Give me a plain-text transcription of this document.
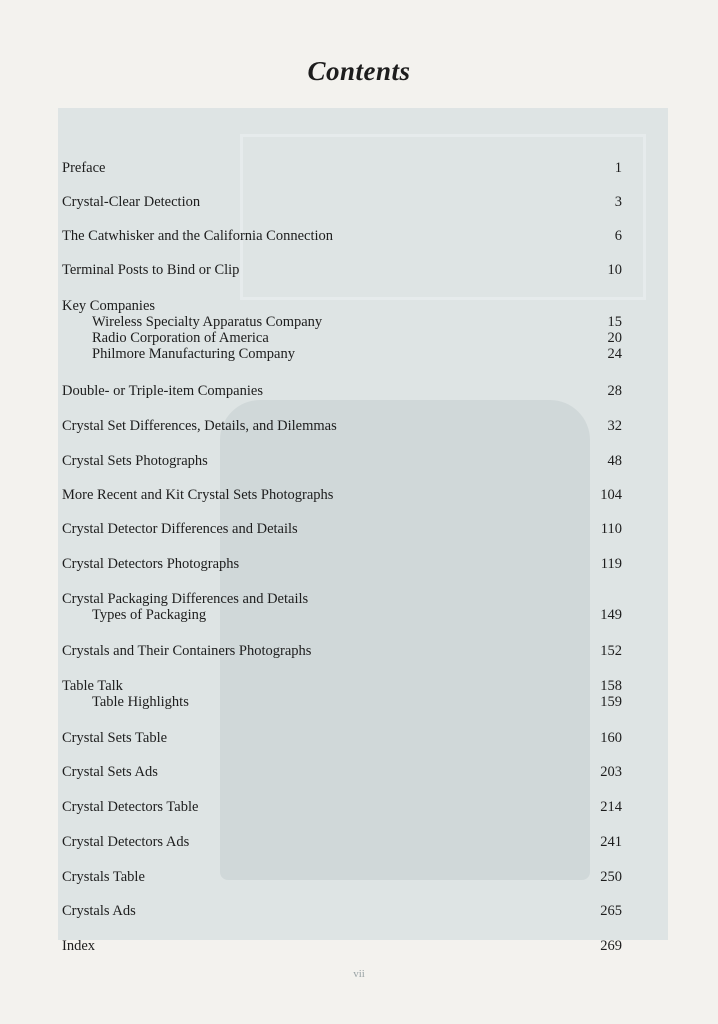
Contents
Preface	1
Crystal-Clear Detection	3
The Catwhisker and the California Connection	6
Terminal Posts to Bind or Clip	10
Key Companies
Wireless Specialty Apparatus Company	15
Radio Corporation of America	20
Philmore Manufacturing Company	24
Double- or Triple-item Companies	28
Crystal Set Differences, Details, and Dilemmas	32
Crystal Sets Photographs	48
More Recent and Kit Crystal Sets Photographs	104
Crystal Detector Differences and Details	110
Crystal Detectors Photographs	119
Crystal Packaging Differences and Details
Types of Packaging	149
Crystals and Their Containers Photographs	152
Table Talk	158
Table Highlights	159
Crystal Sets Table	160
Crystal Sets Ads	203
Crystal Detectors Table	214
Crystal Detectors Ads	241
Crystals Table	250
Crystals Ads	265
Index	269
vii
